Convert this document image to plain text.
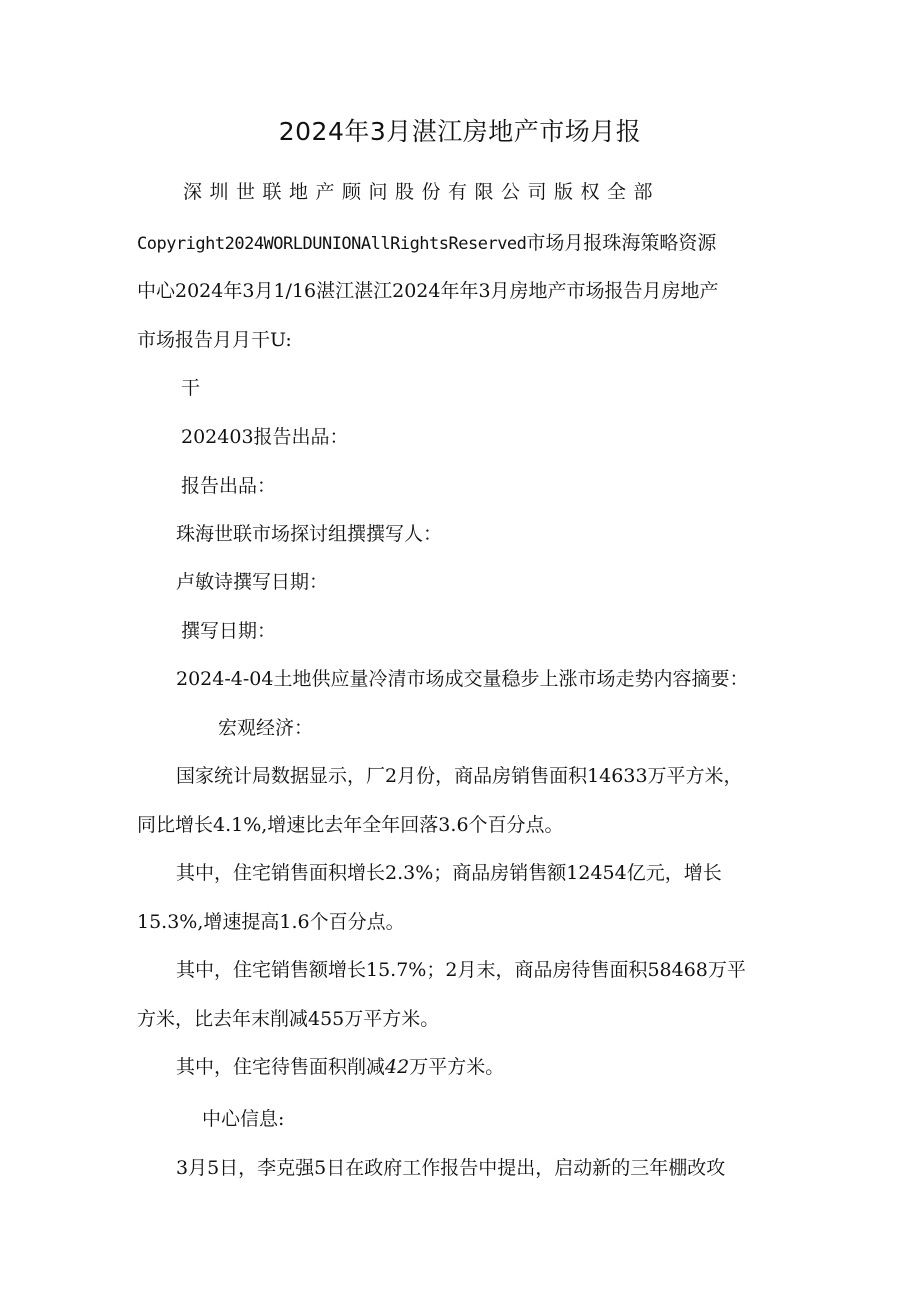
2024年3月湛江房地产市场月报
深圳世联地产顾问股份有限公司版权全部
Copyright2024WORLDUNIONAllRightsReserved市场月报珠海策略资源
中心2024年3月1/16湛江湛江2024年年3月房地产市场报告月房地产
市场报告月月干U:
干
202403报告出品：
报告出品：
珠海世联市场探讨组撰撰写人：
卢敏诗撰写日期：
撰写日期：
2024-4-04土地供应量冷清市场成交量稳步上涨市场走势内容摘要：
宏观经济：
国家统计局数据显示，厂2月份，商品房销售面积14633万平方米，
同比增长4.1%,增速比去年全年回落3.6个百分点。
其中，住宅销售面积增长2.3%；商品房销售额12454亿元，增长
15.3%,增速提高1.6个百分点。
其中，住宅销售额增长15.7%；2月末，商品房待售面积58468万平
方米，比去年末削减455万平方米。
其中，住宅待售面积削减42万平方米。
中心信息:
3月5日，李克强5日在政府工作报告中提出，启动新的三年棚改攻
